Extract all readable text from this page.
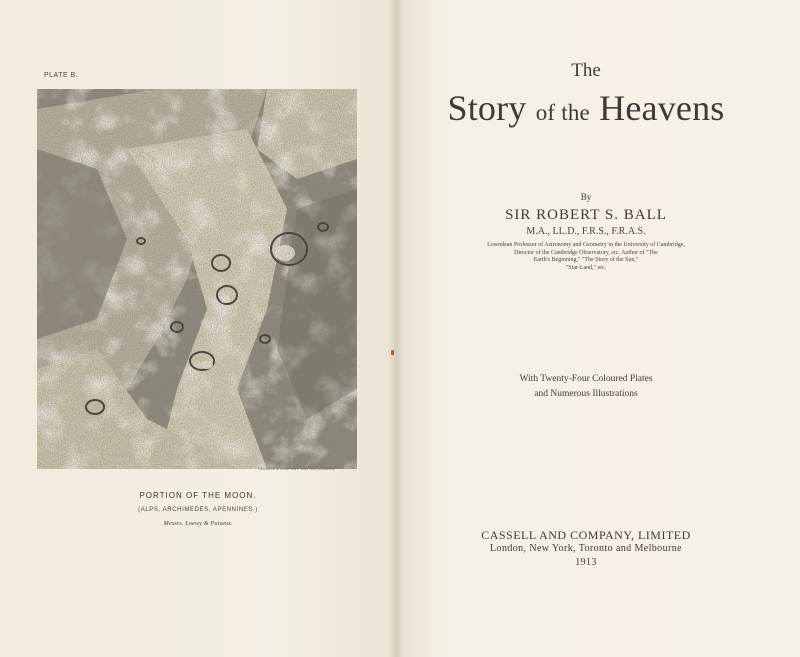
PLATE B.
CASSELL & COMPANY, LIMITED, LONDON.
PORTION OF THE MOON.
(ALPS, ARCHIMEDES, APENNINES.)
Messrs. Loewy & Puiseux.
The
Story of the Heavens
By
SIR ROBERT S. BALL
M.A., LL.D., F.R.S., F.R.A.S.
Lowndean Professor of Astronomy and Geometry in the University of Cambridge,
Director of the Cambridge Observatory, etc. Author of "The
Earth's Beginning," "The Story of the Sun,"
"Star-Land," etc.
With Twenty-Four Coloured Plates
and Numerous Illustrations
CASSELL AND COMPANY, LIMITED
London, New York, Toronto and Melbourne
1913
